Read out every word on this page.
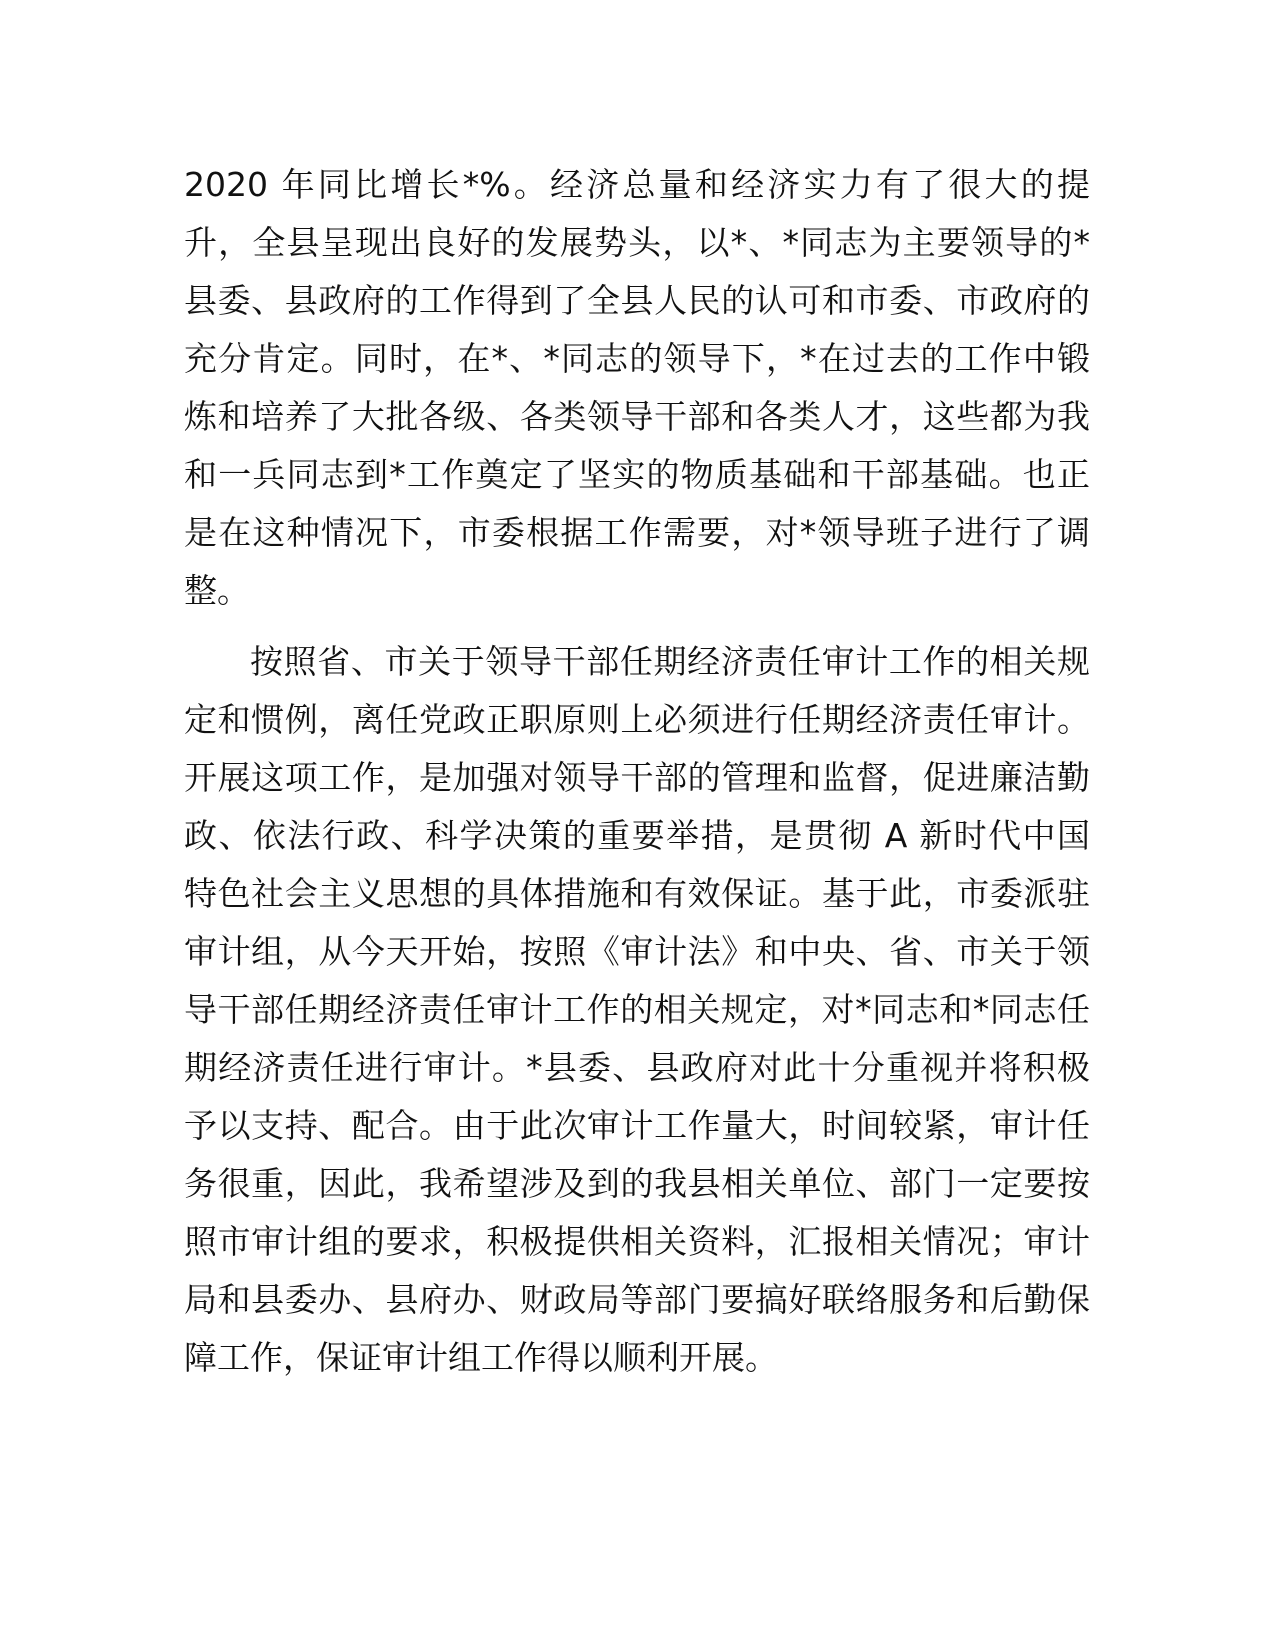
2020 年同比增长*%。经济总量和经济实力有了很大的提
升，全县呈现出良好的发展势头，以*、*同志为主要领导的*
县委、县政府的工作得到了全县人民的认可和市委、市政府的
充分肯定。同时，在*、*同志的领导下，*在过去的工作中锻
炼和培养了大批各级、各类领导干部和各类人才，这些都为我
和一兵同志到*工作奠定了坚实的物质基础和干部基础。也正
是在这种情况下，市委根据工作需要，对*领导班子进行了调
整。
按照省、市关于领导干部任期经济责任审计工作的相关规
定和惯例，离任党政正职原则上必须进行任期经济责任审计。
开展这项工作，是加强对领导干部的管理和监督，促进廉洁勤
政、依法行政、科学决策的重要举措，是贯彻 A 新时代中国
特色社会主义思想的具体措施和有效保证。基于此，市委派驻
审计组，从今天开始，按照《审计法》和中央、省、市关于领
导干部任期经济责任审计工作的相关规定，对*同志和*同志任
期经济责任进行审计。*县委、县政府对此十分重视并将积极
予以支持、配合。由于此次审计工作量大，时间较紧，审计任
务很重，因此，我希望涉及到的我县相关单位、部门一定要按
照市审计组的要求，积极提供相关资料，汇报相关情况；审计
局和县委办、县府办、财政局等部门要搞好联络服务和后勤保
障工作，保证审计组工作得以顺利开展。
